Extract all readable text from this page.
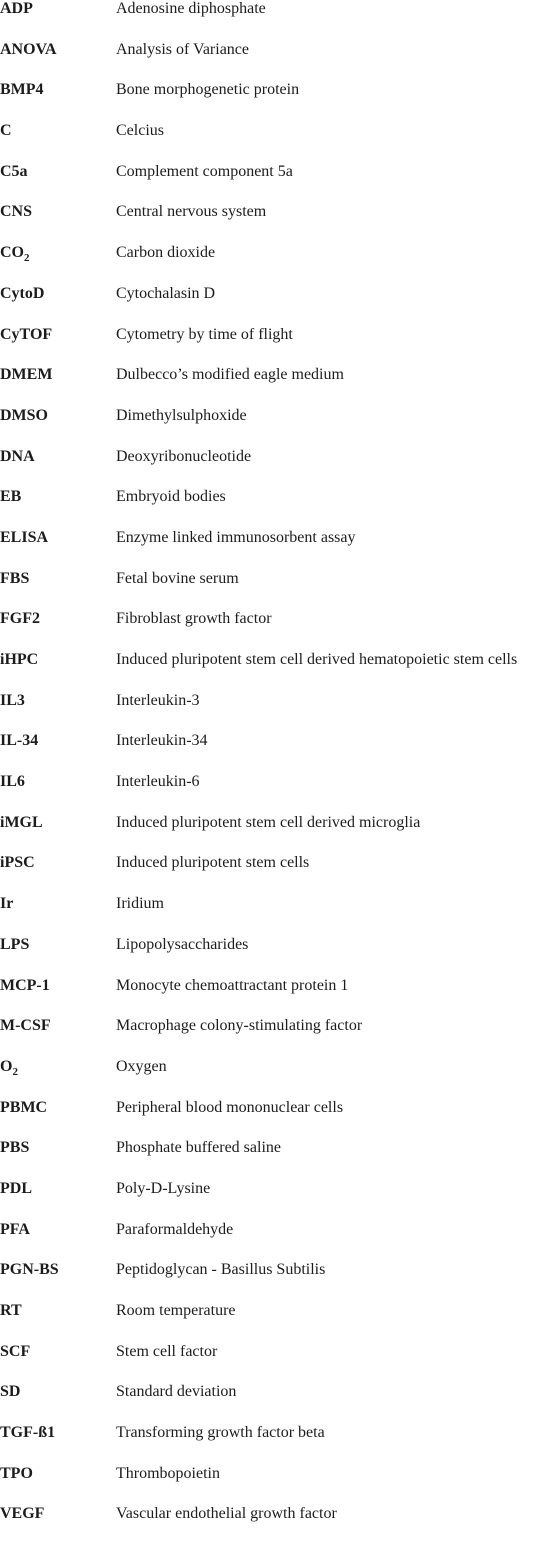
ADP	Adenosine diphosphate
ANOVA	Analysis of Variance
BMP4	Bone morphogenetic protein
C	Celcius
C5a	Complement component 5a
CNS	Central nervous system
$CO_2$	Carbon dioxide
CytoD	Cytochalasin D
CyTOF	Cytometry by time of flight
DMEM	Dulbecco’s modified eagle medium
DMSO	Dimethylsulphoxide
DNA	Deoxyribonucleotide
EB	Embryoid bodies
ELISA	Enzyme linked immunosorbent assay
FBS	Fetal bovine serum
FGF2	Fibroblast growth factor
iHPC	Induced pluripotent stem cell derived hematopoietic stem cells
IL3	Interleukin-3
IL-34	Interleukin-34
IL6	Interleukin-6
iMGL	Induced pluripotent stem cell derived microglia
iPSC	Induced pluripotent stem cells
Ir	Iridium
LPS	Lipopolysaccharides
MCP-1	Monocyte chemoattractant protein 1
M-CSF	Macrophage colony-stimulating factor
$O_2$	Oxygen
PBMC	Peripheral blood mononuclear cells
PBS	Phosphate buffered saline
PDL	Poly-D-Lysine
PFA	Paraformaldehyde
PGN-BS	Peptidoglycan - Basillus Subtilis
RT	Room temperature
SCF	Stem cell factor
SD	Standard deviation
TGF-ß1	Transforming growth factor beta
TPO	Thrombopoietin
VEGF	Vascular endothelial growth factor
